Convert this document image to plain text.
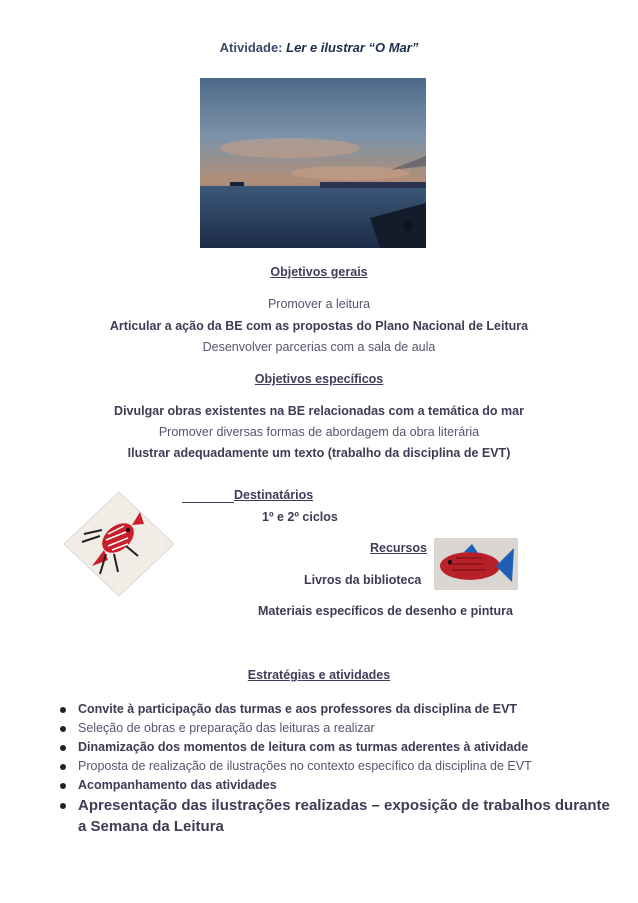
Atividade: Ler e ilustrar “O Mar”
Objetivos gerais
Promover a leitura
Articular a ação da BE com as propostas do Plano Nacional de Leitura
Desenvolver parcerias com a sala de aula
Objetivos específicos
Divulgar obras existentes na BE relacionadas com a temática do mar
Promover diversas formas de abordagem da obra literária
Ilustrar adequadamente um texto (trabalho da disciplina de EVT)
Destinatários
1º e 2º ciclos
Recursos
Livros da biblioteca
Materiais específicos de desenho e pintura
Estratégias e atividades
Convite à participação das turmas e aos professores da disciplina de EVT
Seleção de obras e preparação das leituras a realizar
Dinamização dos momentos de leitura com as turmas aderentes à atividade
Proposta de realização de ilustrações no contexto específico da disciplina de EVT
Acompanhamento das atividades
Apresentação das ilustrações realizadas – exposição de trabalhos durante a Semana da Leitura
